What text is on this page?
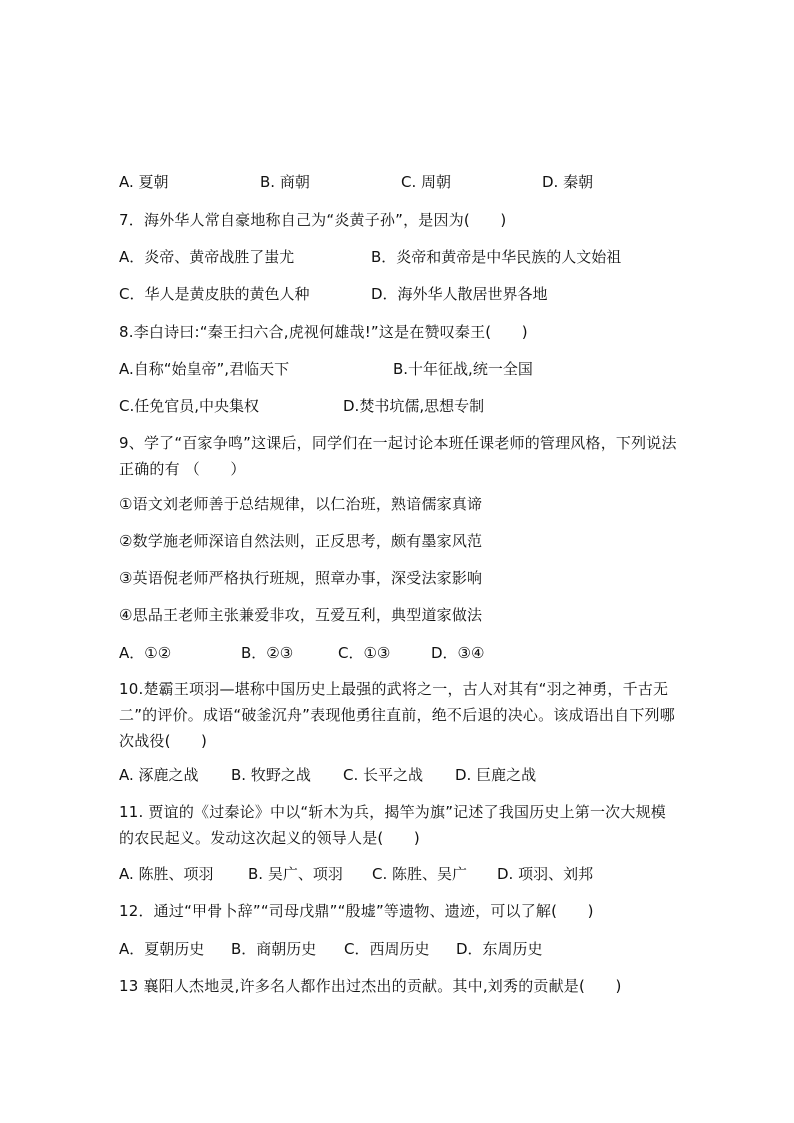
A. 夏朝	B. 商朝	C. 周朝	D. 秦朝
7．海外华人常自豪地称自己为“炎黄子孙”，是因为(　　)
A．炎帝、黄帝战胜了蚩尤	B．炎帝和黄帝是中华民族的人文始祖
C．华人是黄皮肤的黄色人种	D．海外华人散居世界各地
8.李白诗曰:“秦王扫六合,虎视何雄哉!”这是在赞叹秦王(　　)
A.自称“始皇帝”,君临天下	B.十年征战,统一全国
C.任免官员,中央集权	D.焚书坑儒,思想专制
9、学了“百家争鸣”这课后，同学们在一起讨论本班任课老师的管理风格，下列说法正确的有 （　　）
①语文刘老师善于总结规律，以仁治班，熟谙儒家真谛
②数学施老师深谙自然法则，正反思考，颇有墨家风范
③英语倪老师严格执行班规，照章办事，深受法家影响
④思品王老师主张兼爱非攻，互爱互利，典型道家做法
A．①②	B．②③	C．①③	D．③④
10.楚霸王项羽—堪称中国历史上最强的武将之一，古人对其有“羽之神勇，千古无二”的评价。成语“破釜沉舟”表现他勇往直前，绝不后退的决心。该成语出自下列哪次战役(　　)
A. 涿鹿之战 B. 牧野之战 C. 长平之战 D. 巨鹿之战
11. 贾谊的《过秦论》中以“斩木为兵，揭竿为旗”记述了我国历史上第一次大规模的农民起义。发动这次起义的领导人是(　　)
A. 陈胜、项羽 B. 吴广、项羽 C. 陈胜、吴广 D. 项羽、刘邦
12．通过“甲骨卜辞”“司母戊鼎”“殷墟”等遗物、遗迹，可以了解(　　)
A．夏朝历史 B．商朝历史 C．西周历史 D．东周历史
13 襄阳人杰地灵,许多名人都作出过杰出的贡献。其中,刘秀的贡献是(　　)
